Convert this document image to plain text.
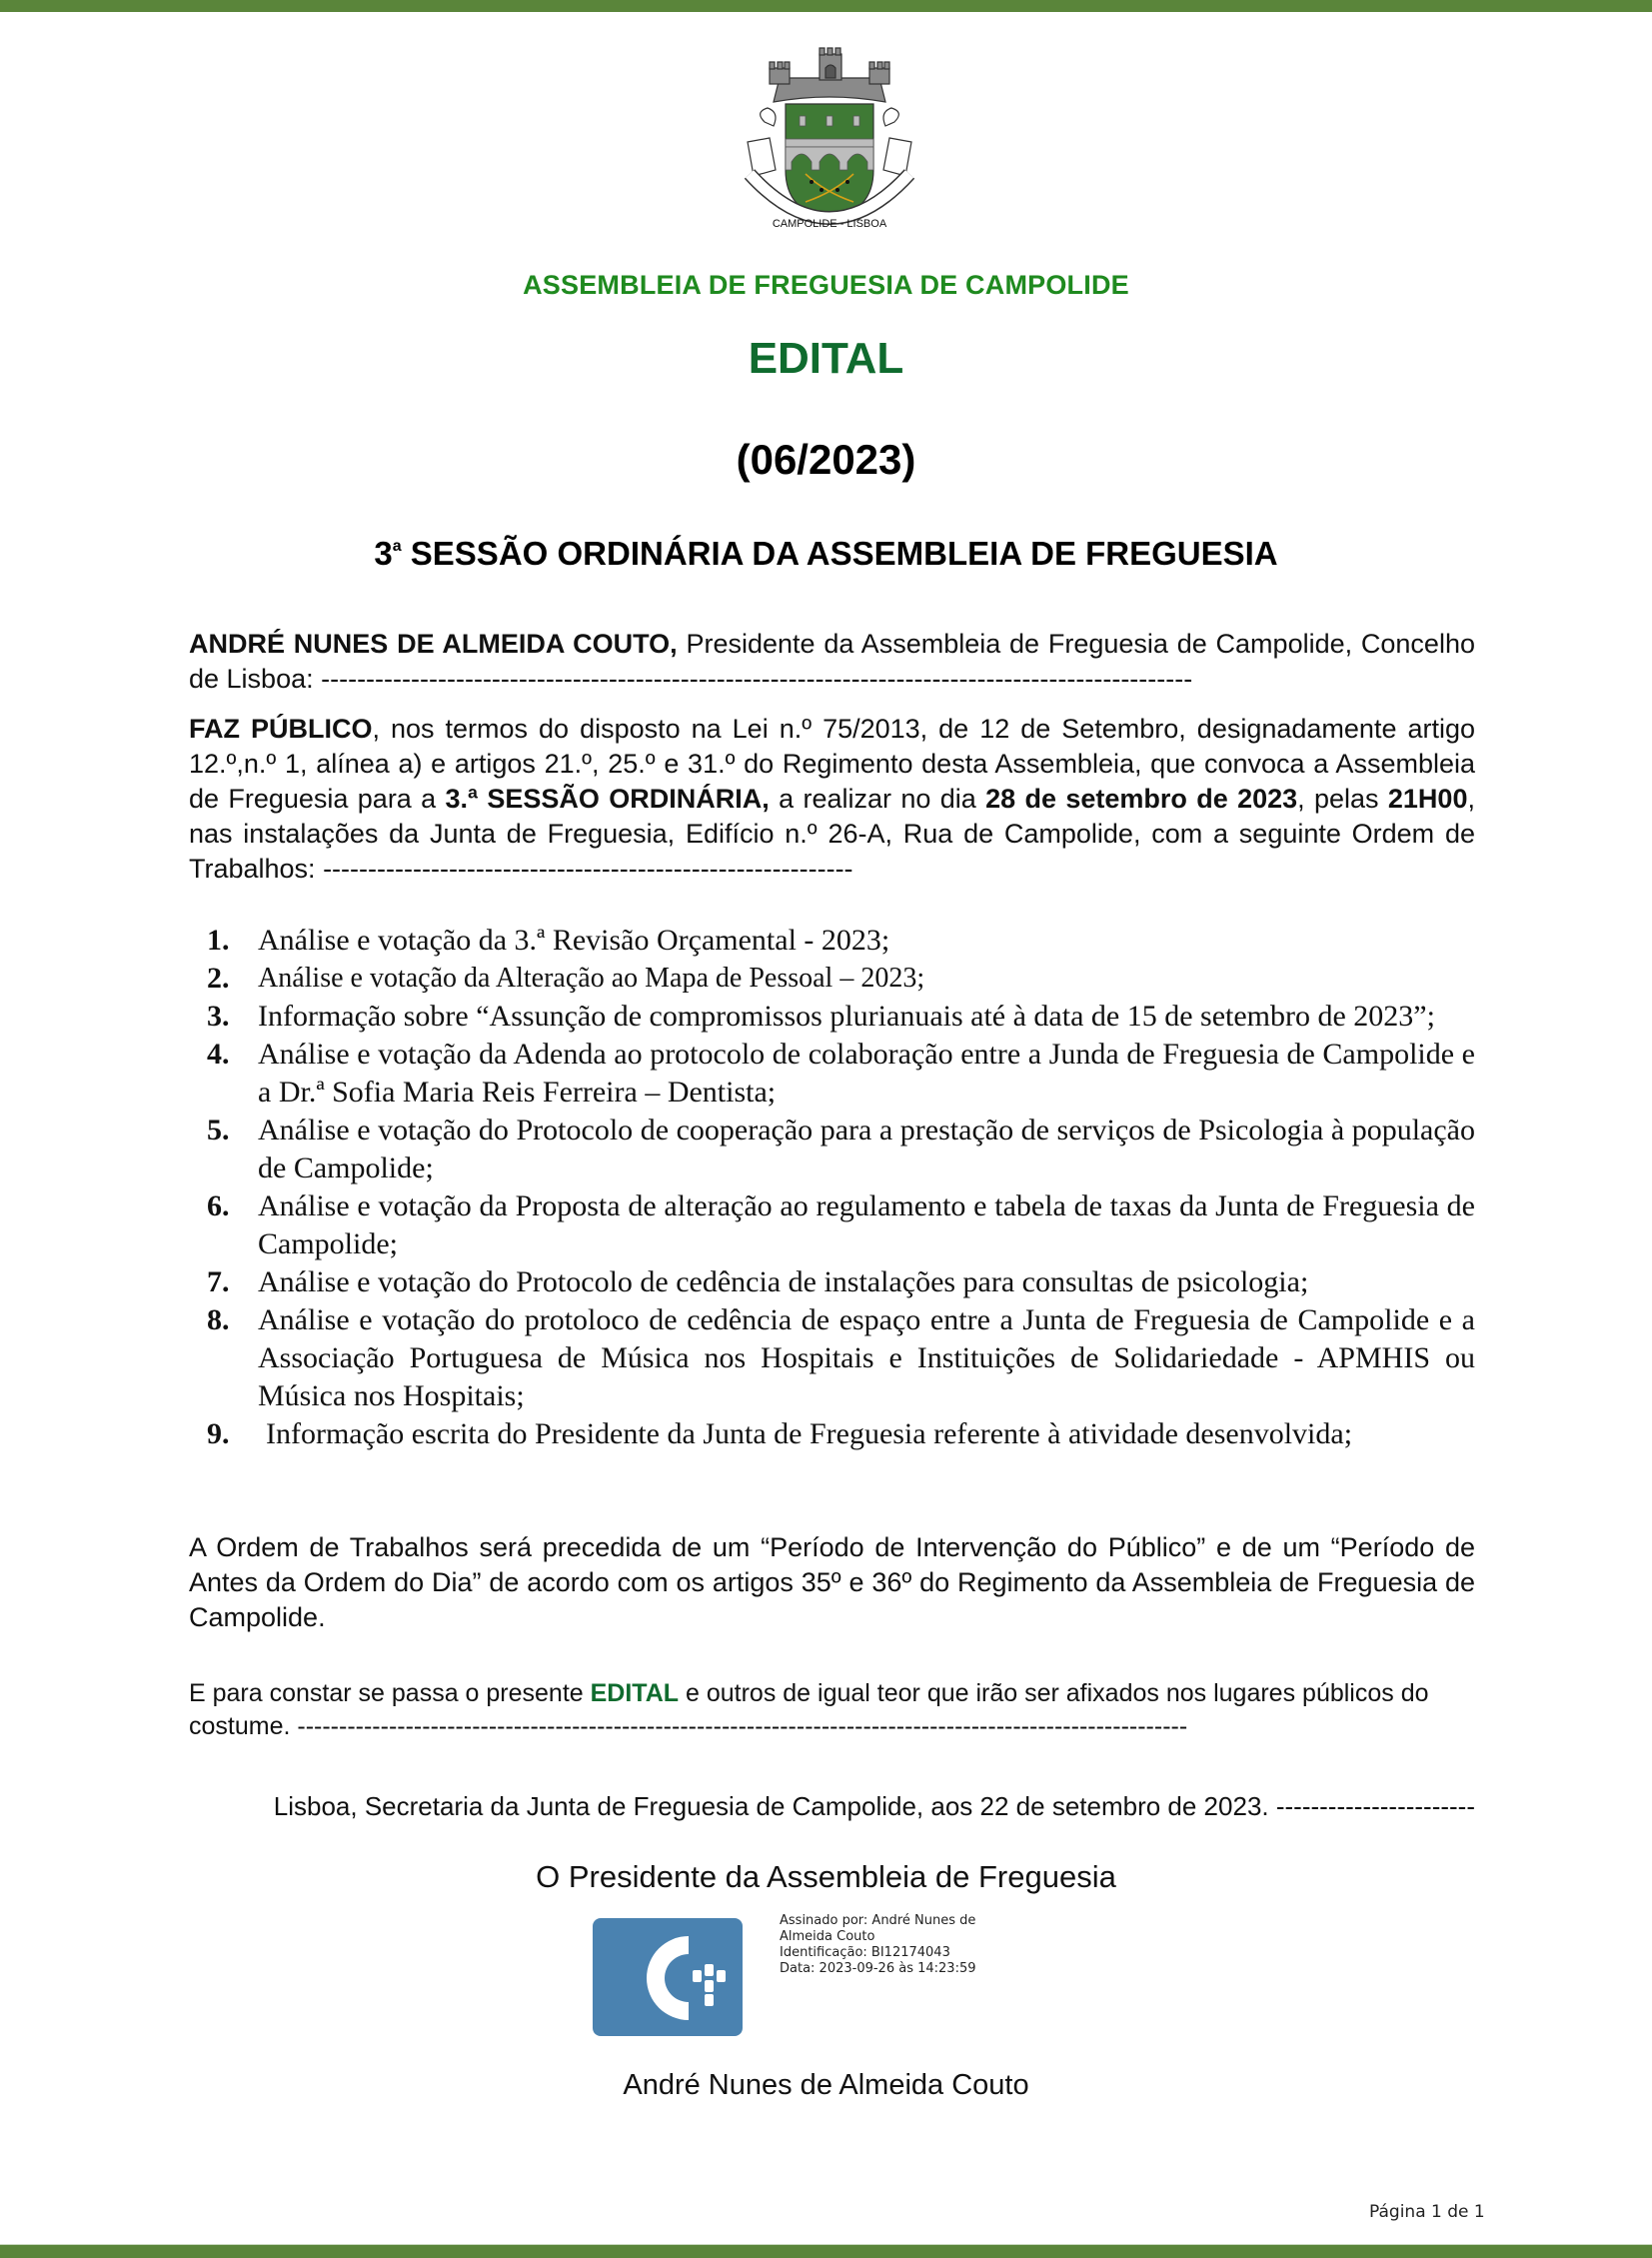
CAMPOLIDE - LISBOA
ASSEMBLEIA DE FREGUESIA DE CAMPOLIDE
EDITAL
(06/2023)
3$^a$ SESSÃO ORDINÁRIA DA ASSEMBLEIA DE FREGUESIA
ANDRÉ NUNES DE ALMEIDA COUTO, Presidente da Assembleia de Freguesia de Campolide, Concelho de Lisboa: -------------------------------------------------------------------------------------------------
FAZ PÚBLICO, nos termos do disposto na Lei n.º 75/2013, de 12 de Setembro, designadamente artigo 12.º,n.º 1, alínea a) e artigos 21.º, 25.º e 31.º do Regimento desta Assembleia, que convoca a Assembleia de Freguesia para a 3.ª SESSÃO ORDINÁRIA, a realizar no dia 28 de setembro de 2023, pelas 21H00, nas instalações da Junta de Freguesia, Edifício n.º 26-A, Rua de Campolide, com a seguinte Ordem de Trabalhos: -----------------------------------------------------------
1. Análise e votação da 3.ª Revisão Orçamental - 2023;
2. Análise e votação da Alteração ao Mapa de Pessoal – 2023;
3. Informação sobre “Assunção de compromissos plurianuais até à data de 15 de setembro de 2023”;
4. Análise e votação da Adenda ao protocolo de colaboração entre a Junda de Freguesia de Campolide e a Dr.ª Sofia Maria Reis Ferreira – Dentista;
5. Análise e votação do Protocolo de cooperação para a prestação de serviços de Psicologia à população de Campolide;
6. Análise e votação da Proposta de alteração ao regulamento e tabela de taxas da Junta de Freguesia de Campolide;
7. Análise e votação do Protocolo de cedência de instalações para consultas de psicologia;
8. Análise e votação do protoloco de cedência de espaço entre a Junta de Freguesia de Campolide e a Associação Portuguesa de Música nos Hospitais e Instituições de Solidariedade - APMHIS ou Música nos Hospitais;
9. Informação escrita do Presidente da Junta de Freguesia referente à atividade desenvolvida;
A Ordem de Trabalhos será precedida de um “Período de Intervenção do Público” e de um “Período de Antes da Ordem do Dia” de acordo com os artigos 35º e 36º do Regimento da Assembleia de Freguesia de Campolide.
E para constar se passa o presente EDITAL e outros de igual teor que irão ser afixados nos lugares públicos do costume. -----------------------------------------------------------------------------------------------------------
Lisboa, Secretaria da Junta de Freguesia de Campolide, aos 22 de setembro de 2023. -----------------------
O Presidente da Assembleia de Freguesia
Assinado por: André Nunes de
Almeida Couto
Identificação: BI12174043
Data: 2023-09-26 às 14:23:59
André Nunes de Almeida Couto
Página 1 de 1
